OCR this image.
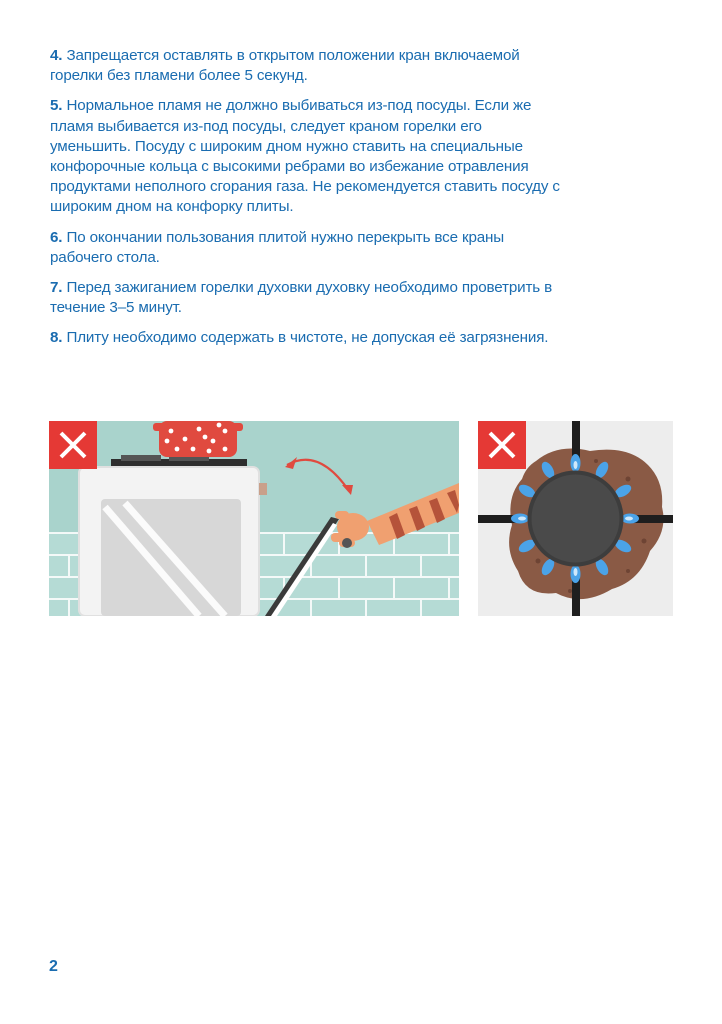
4. Запрещается оставлять в открытом положении кран включаемой горелки без пламени более 5 секунд.

5. Нормальное пламя не должно выбиваться из-под посуды. Если же пламя выбивается из-под посуды, следует краном горелки его уменьшить. Посуду с широким дном нужно ставить на специальные конфорочные кольца с высокими ребрами во избежание отравления продуктами неполного сгорания газа. Не рекомендуется ставить посуду с широким дном на конфорку плиты.

6. По окончании пользования плитой нужно перекрыть все краны рабочего стола.

7. Перед зажиганием горелки духовки духовку необходимо проветрить в течение 3–5 минут.

8. Плиту необходимо содержать в чистоте, не допуская её загрязнения.

2
